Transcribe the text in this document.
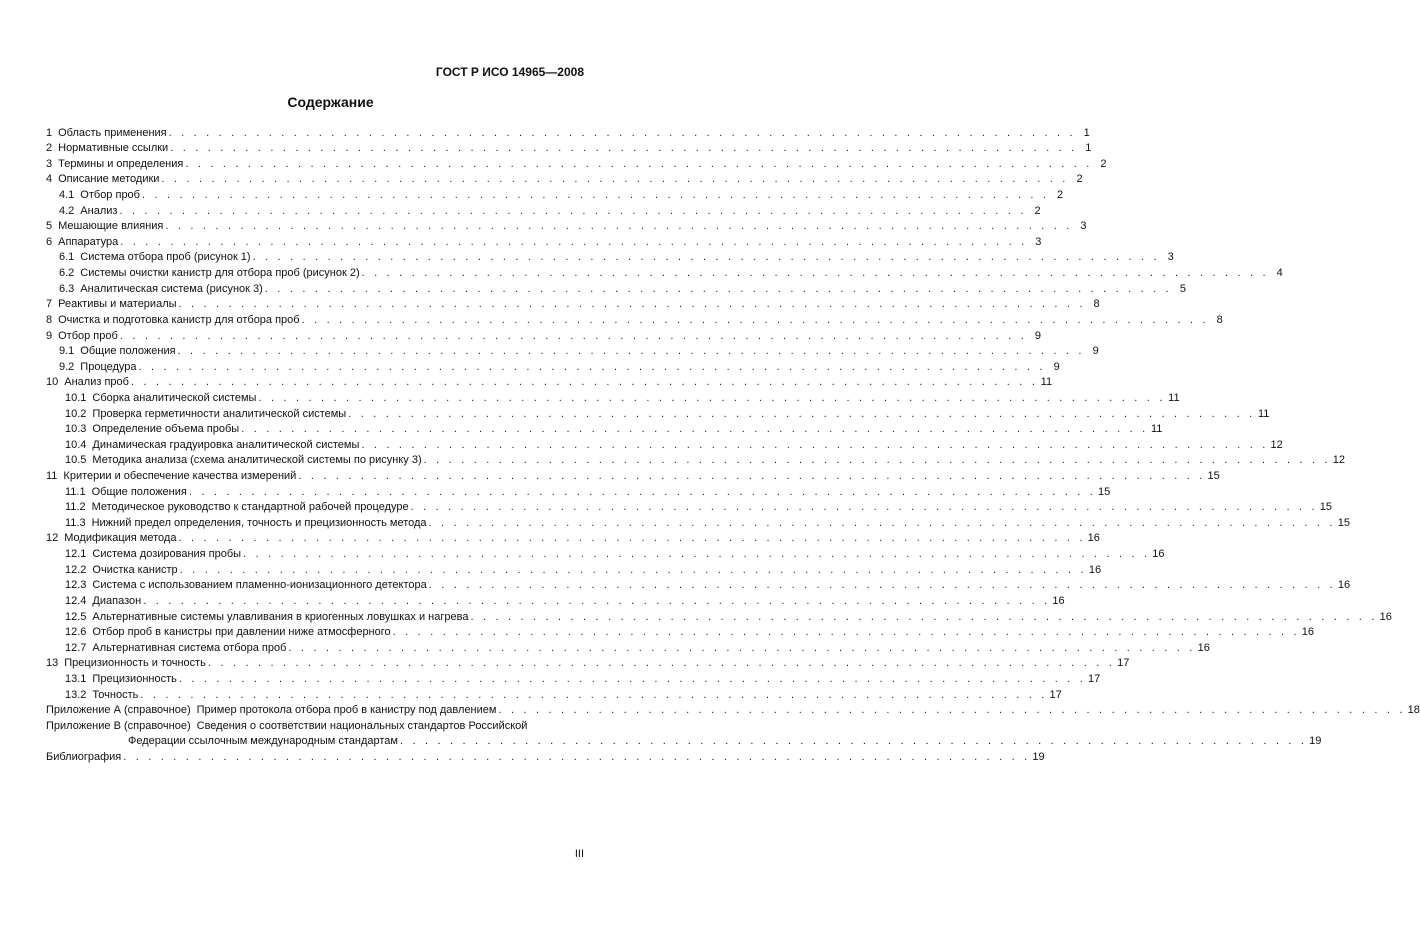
ГОСТ Р ИСО 14965—2008
Содержание
1 Область применения . . . . . . . . . . . . . . . . . . . . . . . . . . . . . . . . . . . . . . . . . . . . . . . . . . . . . . . . . . . . . . . . . . . . . . . . . 1
2 Нормативные ссылки . . . . . . . . . . . . . . . . . . . . . . . . . . . . . . . . . . . . . . . . . . . . . . . . . . . . . . . . . . . . . . . . . . . . . . . . . 1
3 Термины и определения . . . . . . . . . . . . . . . . . . . . . . . . . . . . . . . . . . . . . . . . . . . . . . . . . . . . . . . . . . . . . . . . . . . . . . . . . 2
4 Описание методики . . . . . . . . . . . . . . . . . . . . . . . . . . . . . . . . . . . . . . . . . . . . . . . . . . . . . . . . . . . . . . . . . . . . . . . . . 2
4.1 Отбор проб . . . . . . . . . . . . . . . . . . . . . . . . . . . . . . . . . . . . . . . . . . . . . . . . . . . . . . . . . . . . . . . . . . . . . . . . . 2
4.2 Анализ . . . . . . . . . . . . . . . . . . . . . . . . . . . . . . . . . . . . . . . . . . . . . . . . . . . . . . . . . . . . . . . . . . . . . . . . . 2
5 Мешающие влияния . . . . . . . . . . . . . . . . . . . . . . . . . . . . . . . . . . . . . . . . . . . . . . . . . . . . . . . . . . . . . . . . . . . . . . . . . 3
6 Аппаратура . . . . . . . . . . . . . . . . . . . . . . . . . . . . . . . . . . . . . . . . . . . . . . . . . . . . . . . . . . . . . . . . . . . . . . . . . 3
6.1 Система отбора проб (рисунок 1) . . . . . . . . . . . . . . . . . . . . . . . . . . . . . . . . . . . . . . . . . . . . . . . . . . . . . . . . . . . . . . . . . . . . . . . . . 3
6.2 Системы очистки канистр для отбора проб (рисунок 2) . . . . . . . . . . . . . . . . . . . . . . . . . . . . . . . . . . . . . . . . . . . . . . . . . . . . . . . . . . . . . . . . . . . . . . . . . 4
6.3 Аналитическая система (рисунок 3) . . . . . . . . . . . . . . . . . . . . . . . . . . . . . . . . . . . . . . . . . . . . . . . . . . . . . . . . . . . . . . . . . . . . . . . . . 5
7 Реактивы и материалы . . . . . . . . . . . . . . . . . . . . . . . . . . . . . . . . . . . . . . . . . . . . . . . . . . . . . . . . . . . . . . . . . . . . . . . . . 8
8 Очистка и подготовка канистр для отбора проб . . . . . . . . . . . . . . . . . . . . . . . . . . . . . . . . . . . . . . . . . . . . . . . . . . . . . . . . . . . . . . . . . . . . . . . . . 8
9 Отбор проб . . . . . . . . . . . . . . . . . . . . . . . . . . . . . . . . . . . . . . . . . . . . . . . . . . . . . . . . . . . . . . . . . . . . . . . . . 9
9.1 Общие положения . . . . . . . . . . . . . . . . . . . . . . . . . . . . . . . . . . . . . . . . . . . . . . . . . . . . . . . . . . . . . . . . . . . . . . . . . 9
9.2 Процедура . . . . . . . . . . . . . . . . . . . . . . . . . . . . . . . . . . . . . . . . . . . . . . . . . . . . . . . . . . . . . . . . . . . . . . . . . 9
10 Анализ проб . . . . . . . . . . . . . . . . . . . . . . . . . . . . . . . . . . . . . . . . . . . . . . . . . . . . . . . . . . . . . . . . . . . . . . . . . 11
10.1 Сборка аналитической системы . . . . . . . . . . . . . . . . . . . . . . . . . . . . . . . . . . . . . . . . . . . . . . . . . . . . . . . . . . . . . . . . . . . . . . . . . 11
10.2 Проверка герметичности аналитической системы . . . . . . . . . . . . . . . . . . . . . . . . . . . . . . . . . . . . . . . . . . . . . . . . . . . . . . . . . . . . . . . . . . . . . . . . . 11
10.3 Определение объема пробы . . . . . . . . . . . . . . . . . . . . . . . . . . . . . . . . . . . . . . . . . . . . . . . . . . . . . . . . . . . . . . . . . . . . . . . . . 11
10.4 Динамическая градуировка аналитической системы . . . . . . . . . . . . . . . . . . . . . . . . . . . . . . . . . . . . . . . . . . . . . . . . . . . . . . . . . . . . . . . . . . . . . . . . . 12
10.5 Методика анализа (схема аналитической системы по рисунку 3) . . . . . . . . . . . . . . . . . . . . . . . . . . . . . . . . . . . . . . . . . . . . . . . . . . . . . . . . . . . . . . . . . . . . . . . . . 12
11 Критерии и обеспечение качества измерений . . . . . . . . . . . . . . . . . . . . . . . . . . . . . . . . . . . . . . . . . . . . . . . . . . . . . . . . . . . . . . . . . . . . . . . . . 15
11.1 Общие положения . . . . . . . . . . . . . . . . . . . . . . . . . . . . . . . . . . . . . . . . . . . . . . . . . . . . . . . . . . . . . . . . . . . . . . . . . 15
11.2 Методическое руководство к стандартной рабочей процедуре . . . . . . . . . . . . . . . . . . . . . . . . . . . . . . . . . . . . . . . . . . . . . . . . . . . . . . . . . . . . . . . . . . . . . . . . . 15
11.3 Нижний предел определения, точность и прецизионность метода . . . . . . . . . . . . . . . . . . . . . . . . . . . . . . . . . . . . . . . . . . . . . . . . . . . . . . . . . . . . . . . . . . . . . . . . . 15
12 Модификация метода . . . . . . . . . . . . . . . . . . . . . . . . . . . . . . . . . . . . . . . . . . . . . . . . . . . . . . . . . . . . . . . . . . . . . . . . . 16
12.1 Система дозирования пробы . . . . . . . . . . . . . . . . . . . . . . . . . . . . . . . . . . . . . . . . . . . . . . . . . . . . . . . . . . . . . . . . . . . . . . . . . 16
12.2 Очистка канистр . . . . . . . . . . . . . . . . . . . . . . . . . . . . . . . . . . . . . . . . . . . . . . . . . . . . . . . . . . . . . . . . . . . . . . . . . 16
12.3 Система с использованием пламенно-ионизационного детектора . . . . . . . . . . . . . . . . . . . . . . . . . . . . . . . . . . . . . . . . . . . . . . . . . . . . . . . . . . . . . . . . . . . . . . . . . 16
12.4 Диапазон . . . . . . . . . . . . . . . . . . . . . . . . . . . . . . . . . . . . . . . . . . . . . . . . . . . . . . . . . . . . . . . . . . . . . . . . . 16
12.5 Альтернативные системы улавливания в криогенных ловушках и нагрева . . . . . . . . . . . . . . . . . . . . . . . . . . . . . . . . . . . . . . . . . . . . . . . . . . . . . . . . . . . . . . . . . . . . . . . . . 16
12.6 Отбор проб в канистры при давлении ниже атмосферного . . . . . . . . . . . . . . . . . . . . . . . . . . . . . . . . . . . . . . . . . . . . . . . . . . . . . . . . . . . . . . . . . . . . . . . . . 16
12.7 Альтернативная система отбора проб . . . . . . . . . . . . . . . . . . . . . . . . . . . . . . . . . . . . . . . . . . . . . . . . . . . . . . . . . . . . . . . . . . . . . . . . . 16
13 Прецизионность и точность . . . . . . . . . . . . . . . . . . . . . . . . . . . . . . . . . . . . . . . . . . . . . . . . . . . . . . . . . . . . . . . . . . . . . . . . . 17
13.1 Прецизионность . . . . . . . . . . . . . . . . . . . . . . . . . . . . . . . . . . . . . . . . . . . . . . . . . . . . . . . . . . . . . . . . . . . . . . . . . 17
13.2 Точность . . . . . . . . . . . . . . . . . . . . . . . . . . . . . . . . . . . . . . . . . . . . . . . . . . . . . . . . . . . . . . . . . . . . . . . . . 17
Приложение А (справочное) Пример протокола отбора проб в канистру под давлением . . . . . . . . . . . . . . . . . . . . . . . . . . . . . . . . . . . . . . . . . . . . . . . . . . . . . . . . . . . . . . . . . . . . . . . . . 18
Приложение В (справочное) Сведения о соответствии национальных стандартов Российской
Федерации ссылочным международным стандартам . . . . . . . . . . . . . . . . . . . . . . . . . . . . . . . . . . . . . . . . . . . . . . . . . . . . . . . . . . . . . . . . . . . . . . . . . 19
Библиография . . . . . . . . . . . . . . . . . . . . . . . . . . . . . . . . . . . . . . . . . . . . . . . . . . . . . . . . . . . . . . . . . . . . . . . . . 19
III
